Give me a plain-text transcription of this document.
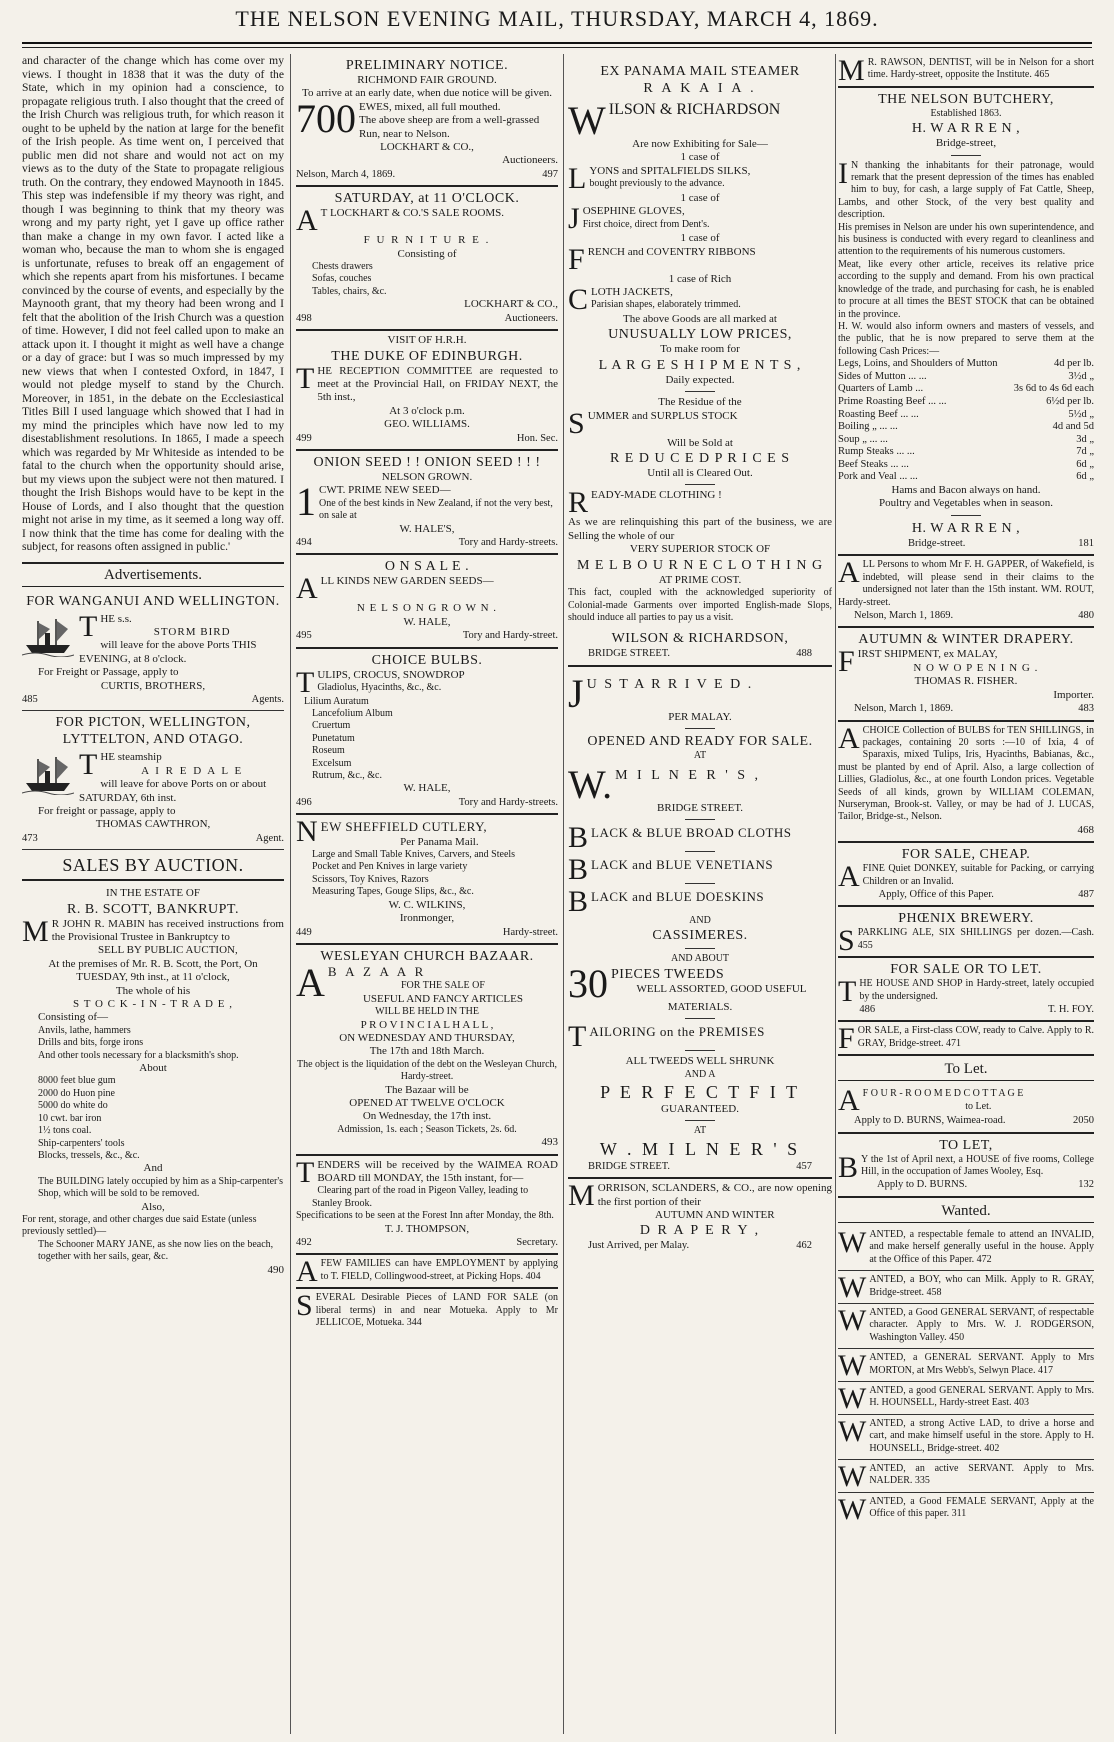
THE NELSON EVENING MAIL, THURSDAY, MARCH 4, 1869.
and character of the change which has come over my views. I thought in 1838 that it was the duty of the State, which in my opinion had a conscience, to propagate religious truth. I also thought that the creed of the Irish Church was religious truth, for which reason it ought to be upheld by the nation at large for the benefit of the Irish people. As time went on, I perceived that public men did not share and would not act on my views as to the duty of the State to propagate religious truth. On the contrary, they endowed Maynooth in 1845. This step was indefensible if my theory was right, and though I was beginning to think that my theory was wrong and my party right, yet I gave up office rather than make a change in my own favor. I acted like a woman who, because the man to whom she is engaged is unfortunate, refuses to break off an engagement of which she repents apart from his misfortunes. I became convinced by the course of events, and especially by the Maynooth grant, that my theory had been wrong and I felt that the abolition of the Irish Church was a question of time. However, I did not feel called upon to make an attack upon it. I thought it might as well have a change or a day of grace: but I was so much impressed by my new views that when I contested Oxford, in 1847, I would not pledge myself to stand by the Church. Moreover, in 1851, in the debate on the Ecclesiastical Titles Bill I used language which showed that I had in my mind the principles which have now led to my disestablishment resolutions. In 1865, I made a speech which was regarded by Mr Whiteside as intended to be fatal to the church when the opportunity should arise, but my views upon the subject were not then matured. I thought the Irish Bishops would have to be kept in the House of Lords, and I also thought that the question might not arise in my time, as it seemed a long way off. I now think that the time has come for dealing with the subject, for reasons often assigned in public.'
Advertisements.
FOR WANGANUI AND WELLINGTON.
THE s.s.
STORM BIRD
will leave for the above Ports THIS EVENING, at 8 o'clock.
For Freight or Passage, apply to
CURTIS, BROTHERS,
485	Agents.
FOR PICTON, WELLINGTON, LYTTELTON, AND OTAGO.
THE steamship
A I R E D A L E
will leave for above Ports on or about SATURDAY, 6th inst.
For freight or passage, apply to
THOMAS CAWTHRON,
473	Agent.
SALES BY AUCTION.
IN THE ESTATE OF
R. B. SCOTT, BANKRUPT.
M R JOHN R. MABIN has received instructions from the Provisional Trustee in Bankruptcy to
SELL BY PUBLIC AUCTION,
At the premises of Mr. R. B. Scott, the Port, On TUESDAY, 9th inst., at 11 o'clock,
The whole of his
S T O C K - I N - T R A D E ,
Consisting of—
Anvils, lathe, hammers
Drills and bits, forge irons
And other tools necessary for a blacksmith's shop.
About
8000 feet blue gum
2000 do Huon pine
5000 do white do
10 cwt. bar iron
1½ tons coal.
Ship-carpenters' tools
Blocks, tressels, &c., &c.
And
The BUILDING lately occupied by him as a Ship-carpenter's Shop, which will be sold to be removed.
Also,
For rent, storage, and other charges due said Estate (unless previously settled)—
The Schooner MARY JANE, as she now lies on the beach, together with her sails, gear, &c.
490
PRELIMINARY NOTICE.
RICHMOND FAIR GROUND.
To arrive at an early date, when due notice will be given.
700 EWES, mixed, all full mouthed.
The above sheep are from a well-grassed Run, near to Nelson.
LOCKHART & CO.,
Auctioneers.
Nelson, March 4, 1869.	497
SATURDAY, at 11 O'CLOCK.
A T LOCKHART & CO.'S SALE ROOMS.
F U R N I T U R E .
Consisting of
Chests drawers
Sofas, couches
Tables, chairs, &c.
LOCKHART & CO.,
498	Auctioneers.
VISIT OF H.R.H.
THE DUKE OF EDINBURGH.
THE RECEPTION COMMITTEE are requested to meet at the Provincial Hall, on FRIDAY NEXT, the 5th inst.,
At 3 o'clock p.m.
GEO. WILLIAMS.
499	Hon. Sec.
ONION SEED ! ! ONION SEED ! ! !
NELSON GROWN.
1 CWT. PRIME NEW SEED—
One of the best kinds in New Zealand, if not the very best, on sale at
W. HALE'S,
494	Tory and Hardy-streets.
O N S A L E .
ALL KINDS NEW GARDEN SEEDS—
N E L S O N G R O W N .
W. HALE,
495	Tory and Hardy-street.
CHOICE BULBS.
TULIPS, CROCUS, SNOWDROP
Gladiolus, Hyacinths, &c., &c.
Lilium Auratum
Lancefolium Album
Cruertum
Punetatum
Roseum
Excelsum
Rutrum, &c., &c.
W. HALE,
496	Tory and Hardy-streets.
NEW SHEFFIELD CUTLERY,
Per Panama Mail.
Large and Small Table Knives, Carvers, and Steels
Pocket and Pen Knives in large variety
Scissors, Toy Knives, Razors
Measuring Tapes, Gouge Slips, &c., &c.
W. C. WILKINS,
Ironmonger,
449	Hardy-street.
WESLEYAN CHURCH BAZAAR.
A B A Z A A R
FOR THE SALE OF
USEFUL AND FANCY ARTICLES
WILL BE HELD IN THE
P R O V I N C I A L H A L L ,
ON WEDNESDAY AND THURSDAY,
The 17th and 18th March.
The object is the liquidation of the debt on the Wesleyan Church, Hardy-street.
The Bazaar will be
OPENED AT TWELVE O'CLOCK
On Wednesday, the 17th inst.
Admission, 1s. each ; Season Tickets, 2s. 6d.
493
TENDERS will be received by the WAIMEA ROAD BOARD till MONDAY, the 15th instant, for—
Clearing part of the road in Pigeon Valley, leading to Stanley Brook.
Specifications to be seen at the Forest Inn after Monday, the 8th.
T. J. THOMPSON,
492	Secretary.
AFEW FAMILIES can have EMPLOYMENT by applying to T. FIELD, Collingwood-street, at Picking Hops. 404
SEVERAL Desirable Pieces of LAND FOR SALE (on liberal terms) in and near Motueka. Apply to Mr JELLICOE, Motueka. 344
EX PANAMA MAIL STEAMER
R A K A I A .
WILSON & RICHARDSON
Are now Exhibiting for Sale—
1 case of
LYONS and SPITALFIELDS SILKS,
bought previously to the advance.
1 case of
JOSEPHINE GLOVES,
First choice, direct from Dent's.
1 case of
FRENCH and COVENTRY RIBBONS
1 case of Rich
CLOTH JACKETS,
Parisian shapes, elaborately trimmed.
The above Goods are all marked at
UNUSUALLY LOW PRICES,
To make room for
L A R G E S H I P M E N T S ,
Daily expected.
The Residue of the
SUMMER and SURPLUS STOCK
Will be Sold at
R E D U C E D P R I C E S
Until all is Cleared Out.
READY-MADE CLOTHING !
As we are relinquishing this part of the business, we are Selling the whole of our
VERY SUPERIOR STOCK OF
M E L B O U R N E C L O T H I N G
AT PRIME COST.
This fact, coupled with the acknowledged superiority of Colonial-made Garments over imported English-made Slops, should induce all parties to pay us a visit.
WILSON & RICHARDSON,
BRIDGE STREET.	488
J U S T A R R I V E D .
PER MALAY.
OPENED AND READY FOR SALE.
AT
W. M I L N E R ' S ,
BRIDGE STREET.
BLACK & BLUE BROAD CLOTHS
BLACK and BLUE VENETIANS
BLACK and BLUE DOESKINS
AND
CASSIMERES.
AND ABOUT
30 PIECES TWEEDS
WELL ASSORTED, GOOD USEFUL
MATERIALS.
TAILORING on the PREMISES
ALL TWEEDS WELL SHRUNK
AND A
P E R F E C T F I T
GUARANTEED.
AT
W . M I L N E R ' S
BRIDGE STREET.	457
MORRISON, SCLANDERS, & CO., are now opening the first portion of their
AUTUMN AND WINTER
D R A P E R Y ,
Just Arrived, per Malay.	462
M R. RAWSON, DENTIST, will be in Nelson for a short time. Hardy-street, opposite the Institute. 465
THE NELSON BUTCHERY,
Established 1863.
H. W A R R E N ,
Bridge-street,
I N thanking the inhabitants for their patronage, would remark that the present depression of the times has enabled him to buy, for cash, a large supply of Fat Cattle, Sheep, Lambs, and other Stock, of the very best quality and description.
His premises in Nelson are under his own superintendence, and his business is conducted with every regard to cleanliness and attention to the requirements of his numerous customers.
Meat, like every other article, receives its relative price according to the supply and demand. From his own practical knowledge of the trade, and purchasing for cash, he is enabled to procure at all times the BEST STOCK that can be obtained in the province.
H. W. would also inform owners and masters of vessels, and the public, that he is now prepared to serve them at the following Cash Prices:—
Legs, Loins, and Shoulders of Mutton	4d per lb.
Sides of Mutton ... ...	3½d „
Quarters of Lamb ...	3s 6d to 4s 6d each
Prime Roasting Beef ... ...	6½d per lb.
Roasting Beef ... ...	5½d „
Boiling „ ... ...	4d and 5d
Soup „ ... ...	3d „
Rump Steaks ... ...	7d „
Beef Steaks ... ...	6d „
Pork and Veal ... ...	6d „
Hams and Bacon always on hand.
Poultry and Vegetables when in season.
H. W A R R E N ,
Bridge-street.	181
ALL Persons to whom Mr F. H. GAPPER, of Wakefield, is indebted, will please send in their claims to the undersigned not later than the 15th instant. WM. ROUT, Hardy-street.
Nelson, March 1, 1869.	480
AUTUMN & WINTER DRAPERY.
FIRST SHIPMENT, ex MALAY,
N O W O P E N I N G .
THOMAS R. FISHER.
Importer.
Nelson, March 1, 1869.	483
ACHOICE Collection of BULBS for TEN SHILLINGS, in packages, containing 20 sorts :—10 of Ixia, 4 of Sparaxis, mixed Tulips, Iris, Hyacinths, Babianas, &c., must be planted by end of April. Also, a large collection of Lillies, Gladiolus, &c., at one fourth London prices. Vegetable Seeds of all kinds, grown by WILLIAM COLEMAN, Nurseryman, Brook-st. Valley, or may be had of J. LUCAS, Tailor, Bridge-st., Nelson.
468
FOR SALE, CHEAP.
AFINE Quiet DONKEY, suitable for Packing, or carrying Children or an Invalid.
Apply, Office of this Paper.	487
PHŒNIX BREWERY.
SPARKLING ALE, SIX SHILLINGS per dozen.—Cash. 455
FOR SALE OR TO LET.
THE HOUSE AND SHOP in Hardy-street, lately occupied by the undersigned.
486	T. H. FOY.
FOR SALE, a First-class COW, ready to Calve. Apply to R. GRAY, Bridge-street. 471
To Let.
A F O U R - R O O M E D C O T T A G E
to Let.
Apply to D. BURNS, Waimea-road.	2050
TO LET,
B Y the 1st of April next, a HOUSE of five rooms, College Hill, in the occupation of James Wooley, Esq.
Apply to D. BURNS.	132
Wanted.
WANTED, a respectable female to attend an INVALID, and make herself generally useful in the house. Apply at the Office of this Paper. 472
WANTED, a BOY, who can Milk. Apply to R. GRAY, Bridge-street. 458
WANTED, a Good GENERAL SERVANT, of respectable character. Apply to Mrs. W. J. RODGERSON, Washington Valley. 450
WANTED, a GENERAL SERVANT. Apply to Mrs MORTON, at Mrs Webb's, Selwyn Place. 417
WANTED, a good GENERAL SERVANT. Apply to Mrs. H. HOUNSELL, Hardy-street East. 403
WANTED, a strong Active LAD, to drive a horse and cart, and make himself useful in the store. Apply to H. HOUNSELL, Bridge-street. 402
WANTED, an active SERVANT. Apply to Mrs. NALDER. 335
WANTED, a Good FEMALE SERVANT, Apply at the Office of this paper. 311
